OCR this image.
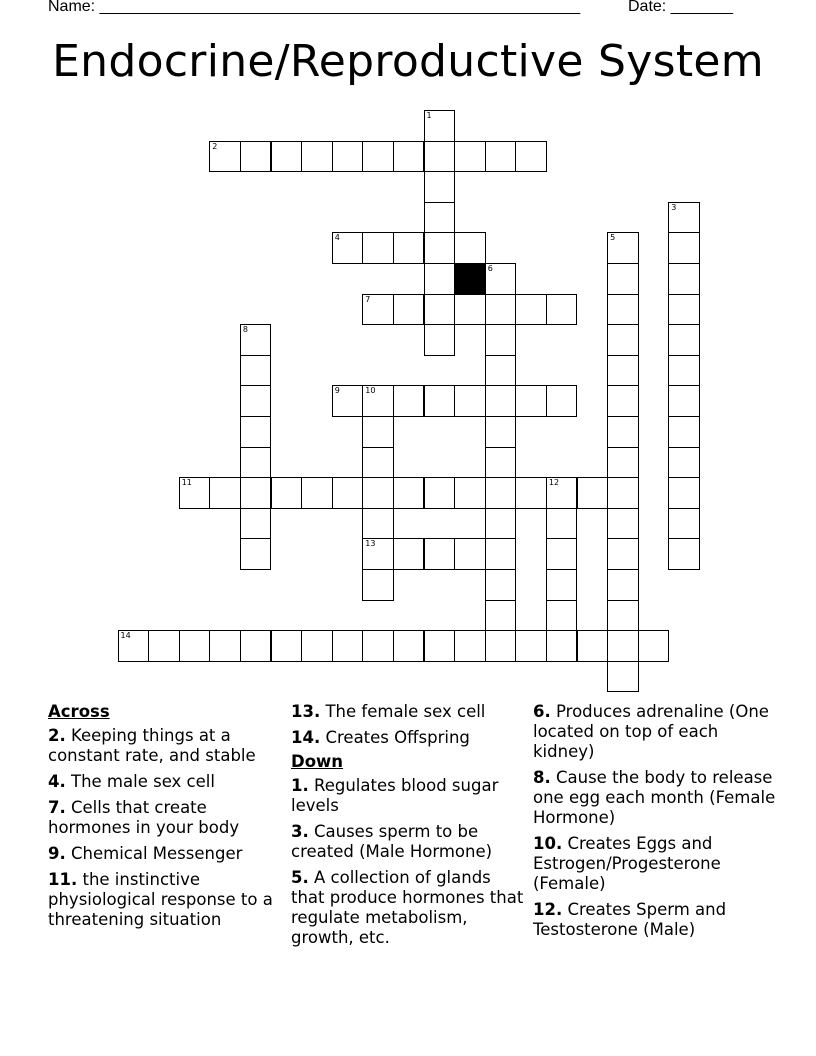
Name: ______________________________________________________	Date: _______
Endocrine/Reproductive System
1
2
3
4	5
6
7
8
9	10
13
11	12
14
Across
2. Keeping things at a constant rate, and stable
4. The male sex cell
7. Cells that create hormones in your body
9. Chemical Messenger
11. the instinctive physiological response to a threatening situation
13. The female sex cell
14. Creates Offspring
Down
1. Regulates blood sugar levels
3. Causes sperm to be created (Male Hormone)
5. A collection of glands that produce hormones that regulate metabolism, growth, etc.
6. Produces adrenaline (One located on top of each kidney)
8. Cause the body to release one egg each month (Female Hormone)
10. Creates Eggs and Estrogen/Progesterone (Female)
12. Creates Sperm and Testosterone (Male)
